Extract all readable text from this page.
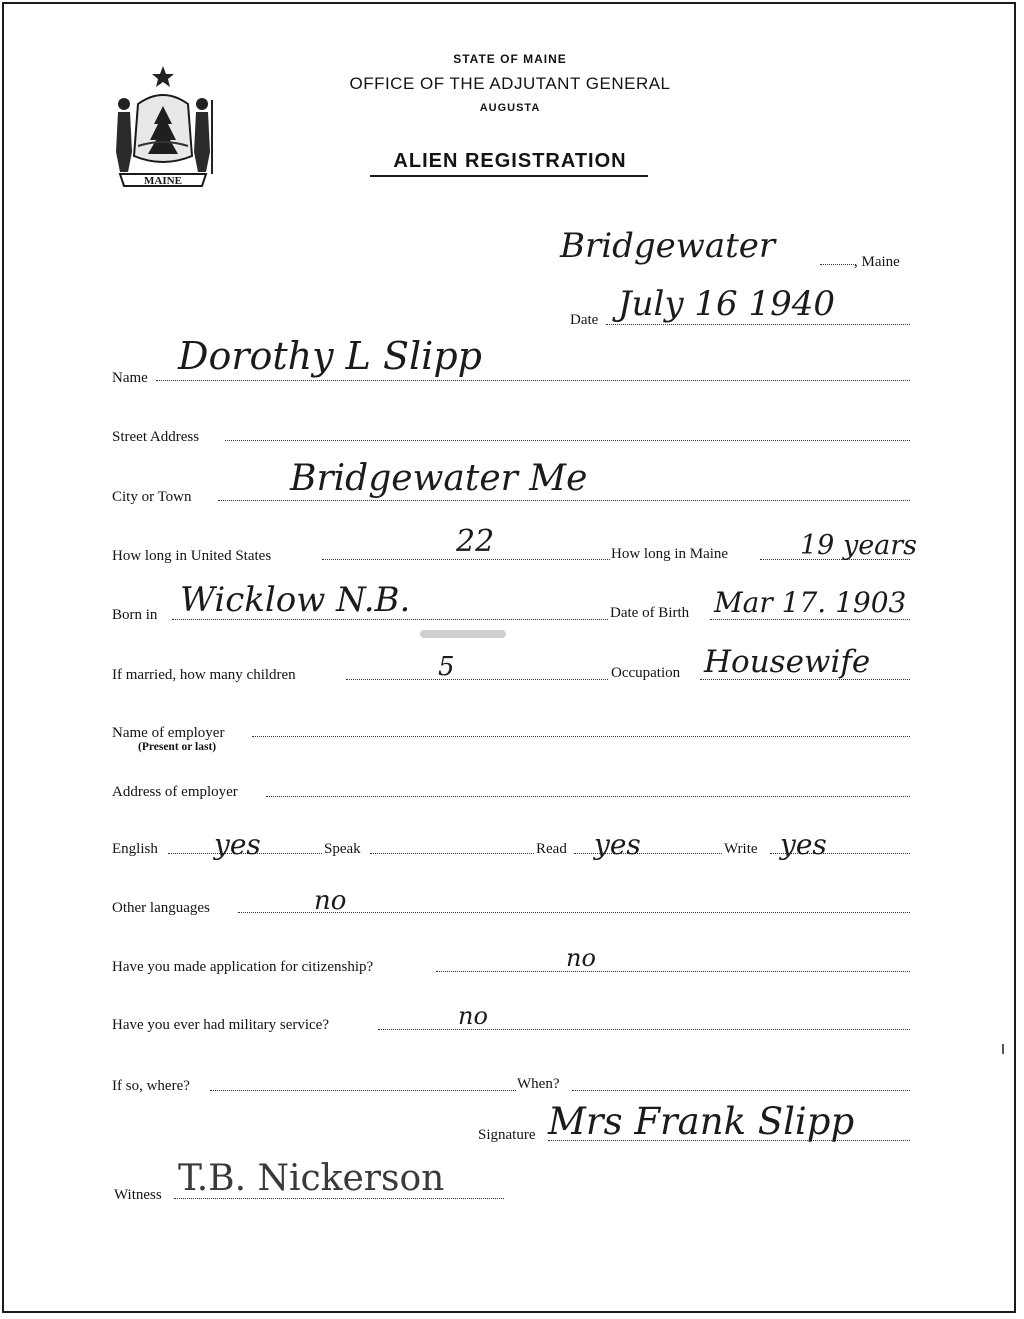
MAINE
STATE OF MAINE
OFFICE OF THE ADJUTANT GENERAL
AUGUSTA
ALIEN REGISTRATION
Bridgewater	, Maine
Date July 16 1940
Name Dorothy L Slipp
Street Address
City or Town	Bridgewater Me
How long in United States	22	How long in Maine	19 years
Born in Wicklow N.B.	Date of Birth Mar 17. 1903
If married, how many children	5	Occupation Housewife
Name of employer
(Present or last)
Address of employer
English yes	Speak	Read yes	Write yes
Other languages	no
Have you made application for citizenship?	no
Have you ever had military service?	no
If so, where?	When?
Signature Mrs Frank Slipp
Witness T.B. Nickerson
